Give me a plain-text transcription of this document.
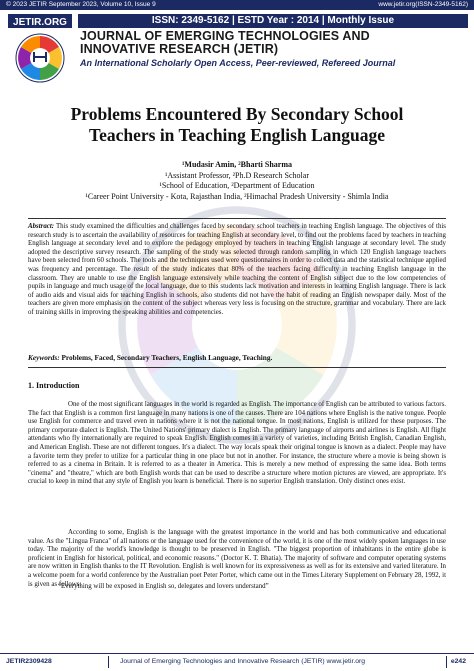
© 2023 JETIR September 2023, Volume 10, Issue 9	www.jetir.org(ISSN-2349-5162)
JETIR.ORG	ISSN: 2349-5162 | ESTD Year : 2014 | Monthly Issue
JOURNAL OF EMERGING TECHNOLOGIES AND
INNOVATIVE RESEARCH (JETIR)
An International Scholarly Open Access, Peer-reviewed, Refereed Journal
Problems Encountered By Secondary School
Teachers in Teaching English Language
¹Mudasir Amin, ²Bharti Sharma
¹Assistant Professor, ²Ph.D Research Scholar
¹School of Education, ²Department of Education
¹Career Point University - Kota, Rajasthan India, ²Himachal Pradesh University - Shimla India
Abstract: This study examined the difficulties and challenges faced by secondary school teachers in teaching English language. The objectives of this research study is to ascertain the availability of resources for teaching English at secondary level, to find out the problems faced by teachers in teaching English language at secondary level and to explore the pedagogy employed by teachers in teaching English language at secondary level. The study adopted the descriptive survey research. The sampling of the study was selected through random sampling in which 120 English language teachers have been selected from 60 schools. The tools and the techniques used were questionnaires in order to collect data and the statistical technique applied was frequency and percentage. The result of the study indicates that 80% of the teachers facing difficulty in teaching English language in the classroom. They are unable to use the English language extensively while teaching the content of English subject due to the low competencies of pupils in language and much usage of the local language, due to this students lack motivation and interests in learning English language. There is lack of audio aids and visual aids for teaching English in schools, also students did not have the habit of reading an English newspaper daily. Most of the teachers are given more emphasis on the content of the subject whereas very less is focusing on the structure, grammar and vocabulary. There are lack of training skills in improving the speaking abilities and competencies.
Keywords: Problems, Faced, Secondary Teachers, English Language, Teaching.
1. Introduction
One of the most significant languages in the world is regarded as English. The importance of English can be attributed to various factors. The fact that English is a common first language in many nations is one of the causes. There are 104 nations where English is the native tongue. People use English for commerce and travel even in nations where it is not the national tongue. In most nations, English is utilized for these purposes. The primary corporate dialect is English. The United Nations' primary dialect is English. The primary language of airports and airlines is English. All flight attendants who fly internationally are required to speak English. English comes in a variety of varieties, including British English, Canadian English, and American English. These are not different tongues. It's a dialect. The way locals speak their original tongue is known as a dialect. People may have a favorite term they prefer to utilize for a particular thing in one place but not in another. For instance, the structure where a movie is being shown is referred to as a cinema in Britain. It is referred to as a theater in America. This is merely a new method of expressing the same idea. Both terms "cinema" and "theatre," which are both English words that can be used to describe a structure where motion pictures are viewed, are appropriate. It's crucial to keep in mind that any style of English you learn is beneficial. There is no superior English translation. Only distinct ones exist.
According to some, English is the language with the greatest importance in the world and has both communicative and educational value. As the "Lingua Franca" of all nations or the language used for the convenience of the world, it is one of the most widely spoken languages in use today. The majority of the world's knowledge is thought to be preserved in English. "The biggest proportion of inhabitants in the entire globe is proficient in English for historical, political, and economic reasons." (Doctor K. T. Bhatia). The majority of software and computer operating systems are now written in English thanks to the IT Revolution. English is well known for its expressiveness as well as for its extensive and varied literature. In a welcome poem for a world conference by the Australian poet Peter Porter, which came out in the Times Literary Supplement on February 28, 1992, it is given as follows:
“Everything will be exposed in English so, delegates and lovers understand”
JETIR2309428	Journal of Emerging Technologies and Innovative Research (JETIR) www.jetir.org	e242
